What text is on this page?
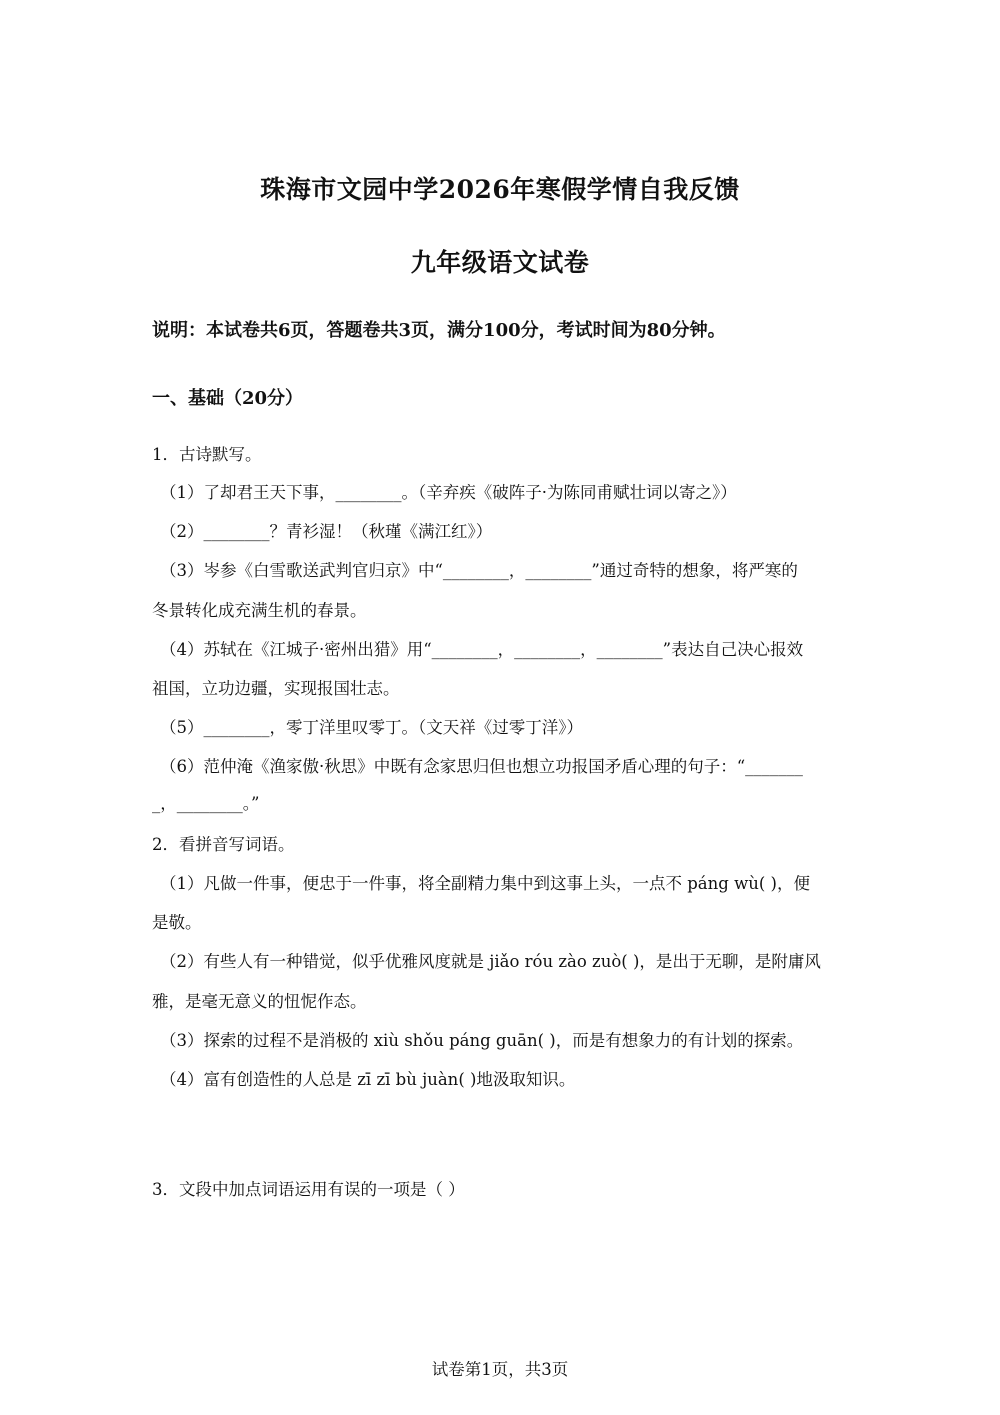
珠海市文园中学2026年寒假学情自我反馈
九年级语文试卷
说明：本试卷共6页，答题卷共3页，满分100分，考试时间为80分钟。
一、基础（20分）
1．古诗默写。
（1）了却君王天下事，________。（辛弃疾《破阵子·为陈同甫赋壮词以寄之》）
（2）________？青衫湿！（秋瑾《满江红》）
（3）岑参《白雪歌送武判官归京》中“________，________”通过奇特的想象，将严寒的
冬景转化成充满生机的春景。
（4）苏轼在《江城子·密州出猎》用“________，________，________”表达自己决心报效
祖国，立功边疆，实现报国壮志。
（5）________，零丁洋里叹零丁。（文天祥《过零丁洋》）
（6）范仲淹《渔家傲·秋思》中既有念家思归但也想立功报国矛盾心理的句子：“_______
_，________。”
2．看拼音写词语。
（1）凡做一件事，便忠于一件事，将全副精力集中到这事上头，一点不 páng wù( )，便
是敬。
（2）有些人有一种错觉，似乎优雅风度就是 jiǎo róu zào zuò( )，是出于无聊，是附庸风
雅，是毫无意义的忸怩作态。
（3）探索的过程不是消极的 xiù shǒu páng guān( )，而是有想象力的有计划的探索。
（4）富有创造性的人总是 zī zī bù juàn( )地汲取知识。
3．文段中加点词语运用有误的一项是（ ）
试卷第1页，共3页
